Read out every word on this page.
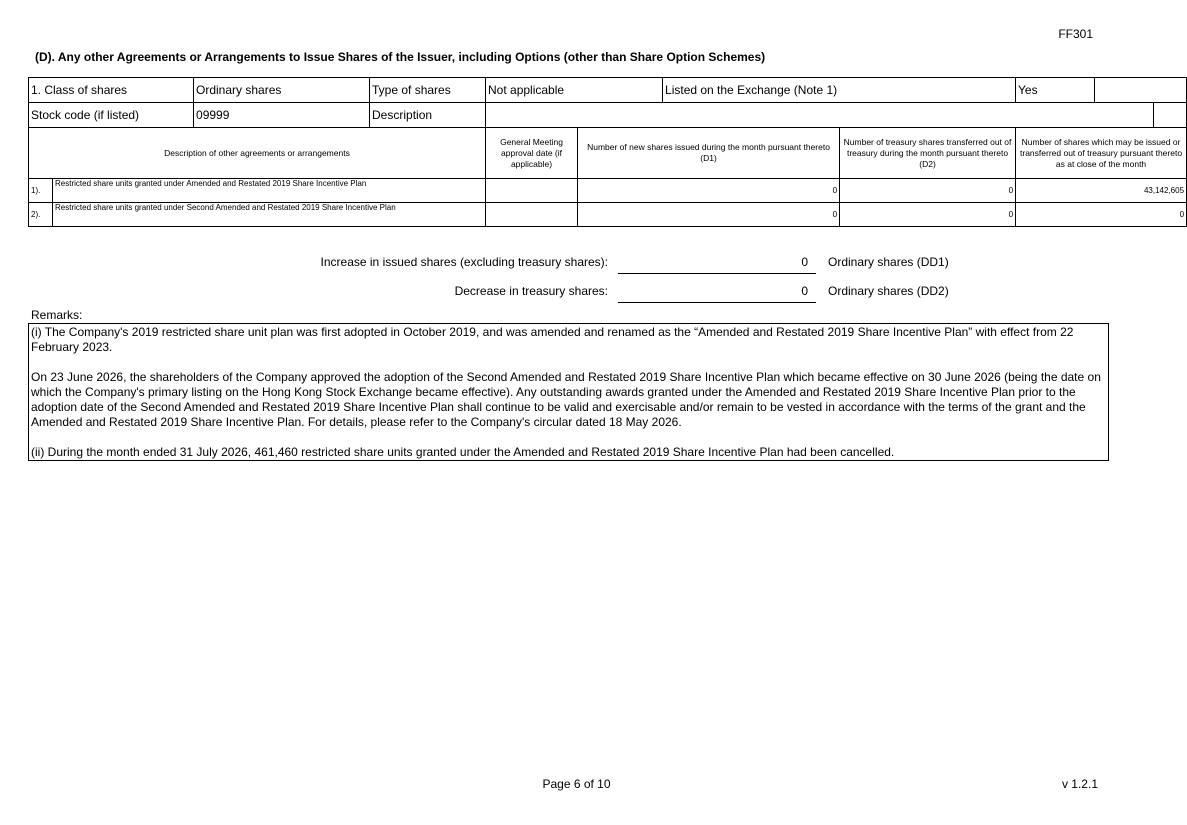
FF301
(D). Any other Agreements or Arrangements to Issue Shares of the Issuer, including Options (other than Share Option Schemes)
1. Class of shares		Ordinary shares	Type of shares	Not applicable		Listed on the Exchange (Note 1)		Yes		
Stock code (if listed)		09999	Description							
Description of other agreements or arrangements				General Meeting approval date (if applicable)	Number of new shares issued during the month pursuant thereto (D1)		Number of treasury shares transferred out of treasury during the month pursuant thereto (D2)	Number of shares which may be issued or transferred out of treasury pursuant thereto as at close of the month		
1).	Restricted share units granted under Amended and Restated 2019 Share Incentive Plan				0		0	43,142,605		
2).	Restricted share units granted under Second Amended and Restated 2019 Share Incentive Plan				0		0	0		
Increase in issued shares (excluding treasury shares):	0 Ordinary shares (DD1)
Decrease in treasury shares:	0 Ordinary shares (DD2)
Remarks:

(i) The Company's 2019 restricted share unit plan was first adopted in October 2019, and was amended and renamed as the “Amended and Restated 2019 Share Incentive Plan” with effect from 22 February 2023.

On 23 June 2026, the shareholders of the Company approved the adoption of the Second Amended and Restated 2019 Share Incentive Plan which became effective on 30 June 2026 (being the date on which the Company's primary listing on the Hong Kong Stock Exchange became effective). Any outstanding awards granted under the Amended and Restated 2019 Share Incentive Plan prior to the adoption date of the Second Amended and Restated 2019 Share Incentive Plan shall continue to be valid and exercisable and/or remain to be vested in accordance with the terms of the grant and the Amended and Restated 2019 Share Incentive Plan. For details, please refer to the Company's circular dated 18 May 2026.

(ii) During the month ended 31 July 2026, 461,460 restricted share units granted under the Amended and Restated 2019 Share Incentive Plan had been cancelled.

Page 6 of 10	v 1.2.1
